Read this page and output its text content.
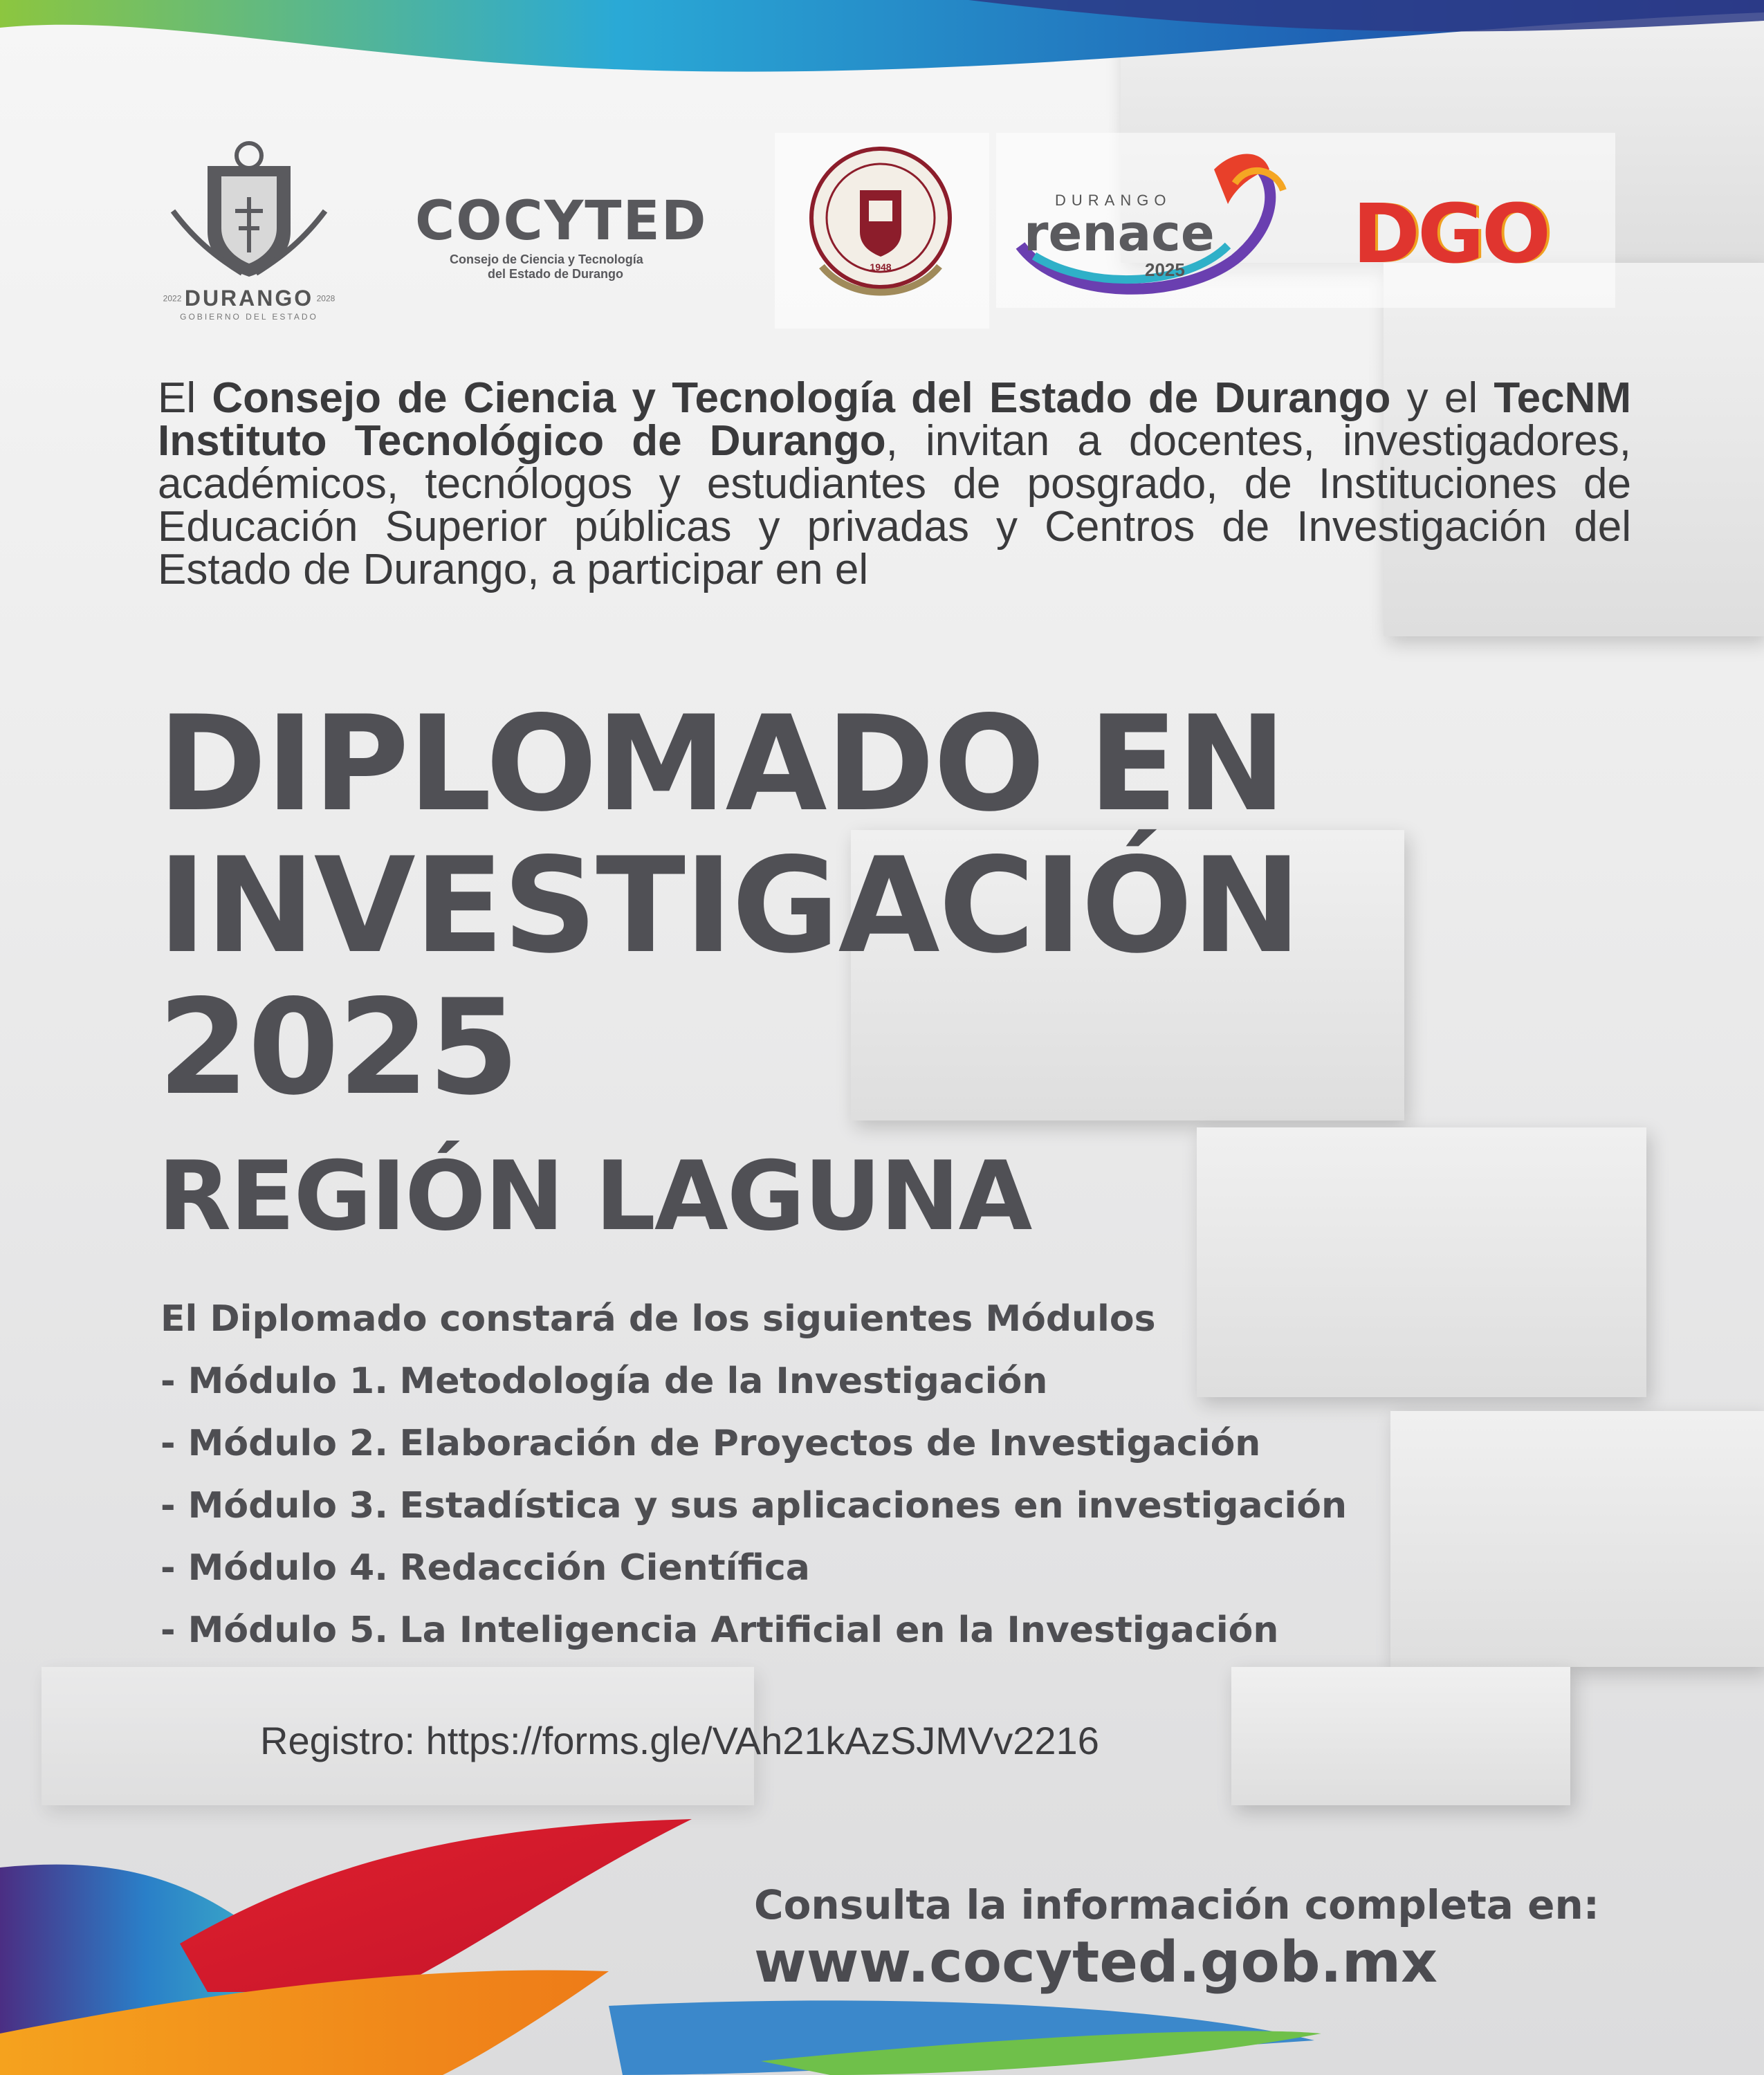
2022 DURANGO 2028
GOBIERNO DEL ESTADO
COCYTED
Consejo de Ciencia y Tecnología
del Estado de Durango	1948
DURANGO
renace
2025 DGO

El Consejo de Ciencia y Tecnología del Estado de Durango y el TecNM Instituto Tecnológico de Durango, invitan a docentes, investigadores, académicos, tecnólogos y estudiantes de posgrado, de Instituciones de Educación Superior públicas y privadas y Centros de Investigación del Estado de Durango, a participar en el

DIPLOMADO EN
INVESTIGACIÓN
2025
REGIÓN LAGUNA
El Diplomado constará de los siguientes Módulos
- Módulo 1. Metodología de la Investigación
- Módulo 2. Elaboración de Proyectos de Investigación
- Módulo 3. Estadística y sus aplicaciones en investigación
- Módulo 4. Redacción Científica
- Módulo 5. La Inteligencia Artificial en la Investigación
Registro: https://forms.gle/VAh21kAzSJMVv2216
Consulta la información completa en:
www.cocyted.gob.mx
